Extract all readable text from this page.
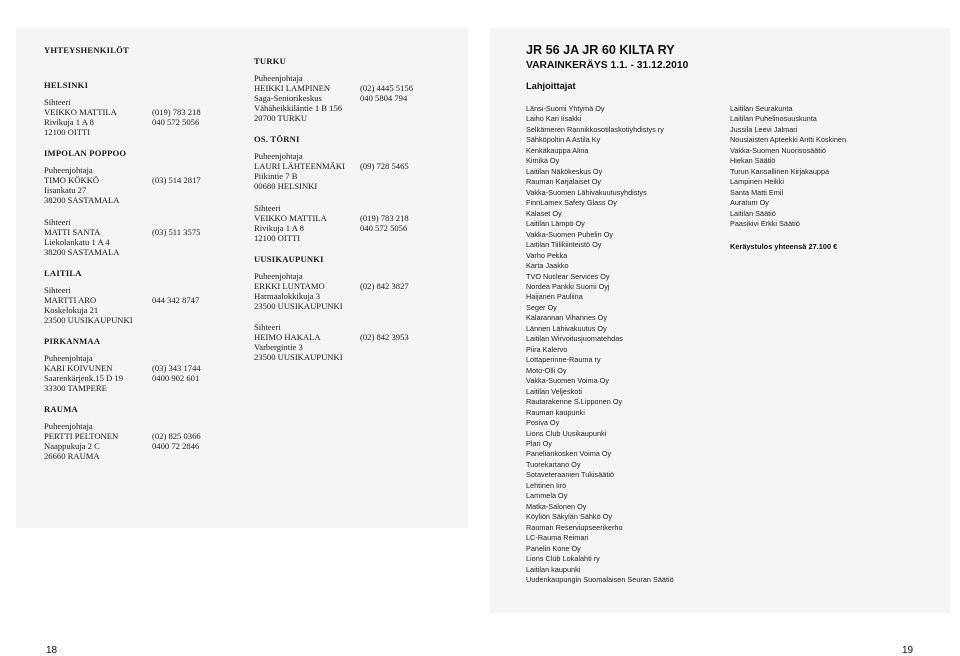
YHTEYSHENKILÖT
HELSINKI
Sihteeri
VEIKKO MATTILA	(019) 783 218
Rivikuja 1 A 8	040 572 5056
12100 OITTI
IMPOLAN POPPOO
Puheenjohtaja
TIMO KÖKKÖ	(03) 514 2817
Iisankatu 27
38200 SASTAMALA
Sihteeri
MATTI SANTA	(03) 511 3575
Liekolankatu 1 A 4
38200 SASTAMALA
LAITILA
Sihteeri
MARTTI ARO	044 342 8747
Koskelokuja 21
23500 UUSIKAUPUNKI
PIRKANMAA
Puheenjohtaja
KARI KOIVUNEN	(03) 343 1744
Saarenkärjenk.15 D 19	0400 902 601
33300 TAMPERE
RAUMA
Puheenjohtaja
PERTTI PELTONEN	(02) 825 0366
Naappukuja 2 C	0400 72 2846
26660 RAUMA
TURKU
Puheenjohtaja
HEIKKI LAMPINEN	(02) 4445 5156
Saga-Seniorikeskus	040 5804 794
Vähäheikkiläntie 1 B 156
20700 TURKU
OS. TÖRNI
Puheenjohtaja
LAURI LÄHTEENMÄKI (09) 728 5465
Piikintie 7 B
00680 HELSINKI
Sihteeri
VEIKKO MATTILA	(019) 783 218
Rivikuja 1 A 8	040 572 5056
12100 OITTI
UUSIKAUPUNKI
Puheenjohtaja
ERKKI LUNTAMO	(02) 842 3827
Harmaalokkikuja 3
23500 UUSIKAUPUNKI
Sihteeri
HEIMO HAKALA	(02) 842 3953
Varbergintie 3
23500 UUSIKAUPUNKI
JR 56 JA JR 60 KILTA RY
VARAINKERÄYS 1.1. - 31.12.2010
Lahjoittajat
Länsi-Suomi Yhtymä Oy
Laiho Kari Iisakki
Selkämeren Rannikkosotilaskotiyhdistys ry
Sähköpoltin A Astila Ky
Kenkäkauppa Alina
Kimika Oy
Laitilan Näkökeskus Oy
Rauman Karjalaiset Oy
Vakka-Suomen Lähivakuutusyhdistys
FinnLamex Safety Glass Oy
Kalaset Oy
Laitilan Lämpö Oy
Vakka-Suomen Puhelin Oy
Laitilan Tiilikiinteistö Oy
Varho Pekka
Karta Jaakko
TVO Nuclear Services Oy
Nordea Pankki Suomi Oyj
Haijanen Pauliina
Seger Oy
Kalarannan Vihannes Oy
Lännen Lähivakuutus Oy
Laitilan Wirvoitusjuomatehdas
Piira Kalervo
Lottaperinne-Rauma ry
Moto-Olli Oy
Vakka-Suomen Voima Oy
Laitilan Veljeskoti
Rautarakenne S.Lipponen Oy
Rauman kaupunki
Posiva Oy
Lions Club Uusikaupunki
Plari Oy
Paneliankosken Voima Oy
Tuorekartano Oy
Sotaveteraanien Tukisäätiö
Lehtinen Iiro
Lammela Oy
Matka-Salonen Oy
Köyliön Säkylän Sähkö Oy
Rauman Reserviupseerikerho
LC-Rauma Reimari
Panelin Kone Oy
Lions Club Lokalahti ry
Laitilan kaupunki
Uudenkaupungin Suomalaisen Seuran Säätiö
Laitilan Seurakunta
Laitilan Puhelinosuuskunta
Jussila Leevi Jalmari
Nousiaisten Apteekki Antti Koskinen
Vakka-Suomen Nuorisosäätiö
Hiekan Säätiö
Turun Kansallinen Kirjakauppa
Lampinen Heikki
Santa Matti Emil
Auratum Oy
Laitilan Säätiö
Paasikivi Erkki Säätiö
Keräystulos yhteensä 27.100 €
18	19
